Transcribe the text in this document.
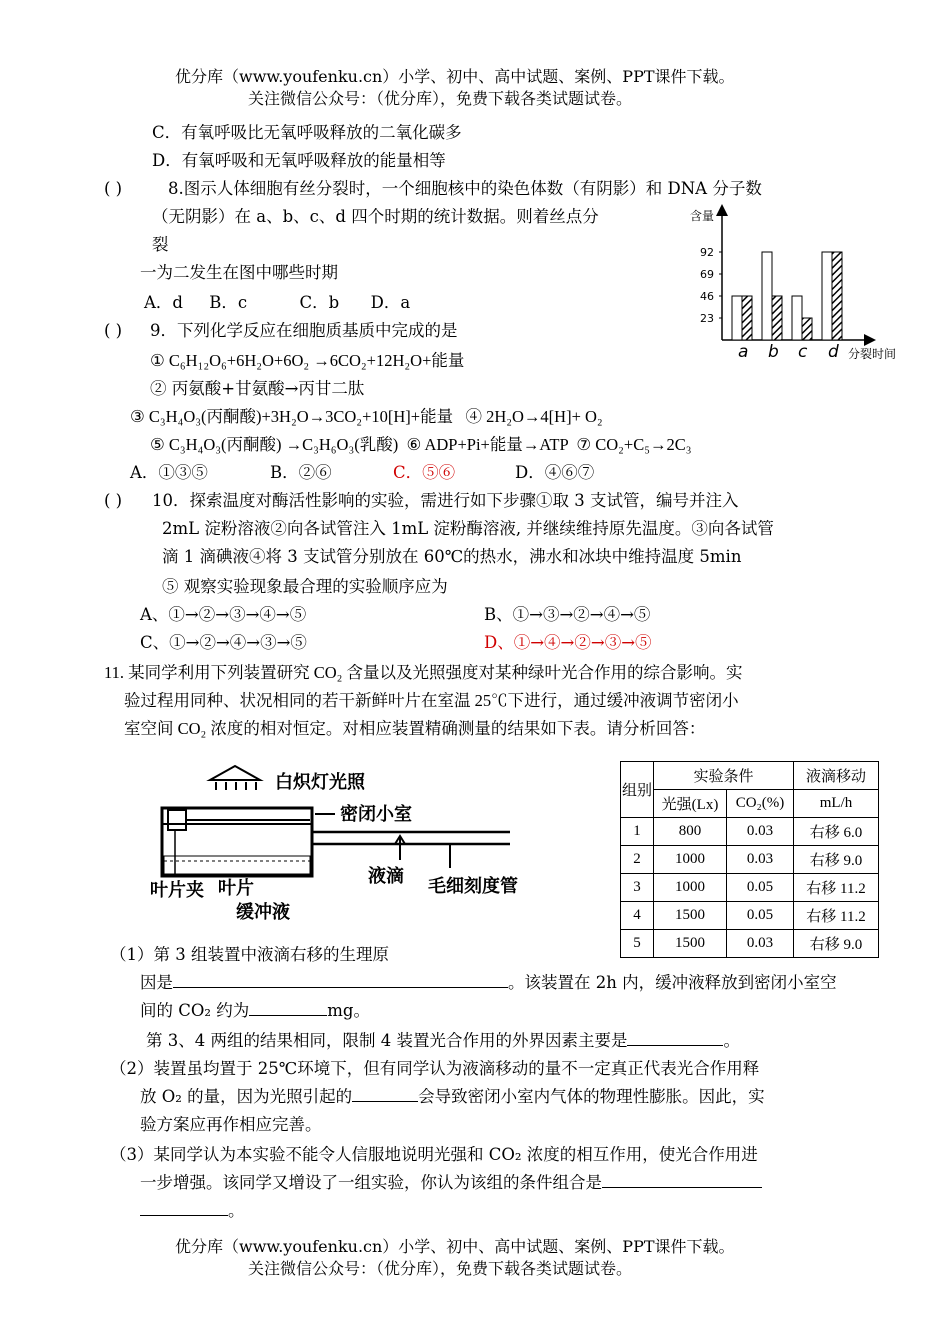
优分库（www.youfenku.cn）小学、初中、高中试题、案例、PPT课件下载。
关注微信公众号：（优分库），免费下载各类试题试卷。
C．有氧呼吸比无氧呼吸释放的二氧化碳多
D．有氧呼吸和无氧呼吸释放的能量相等
( )	8.图示人体细胞有丝分裂时，一个细胞核中的染色体数（有阴影）和 DNA 分子数
（无阴影）在 a、b、c、d 四个时期的统计数据。则着丝点分
裂
一为二发生在图中哪些时期
A．d     B．c          C．b      D．a
含量
分裂时间
23
46
69
92
a b c d
( ) 9．下列化学反应在细胞质基质中完成的是
① C₆H₁₂O₆+6H₂O+6O₂ →6CO₂+12H₂O+能量
② 丙氨酸+甘氨酸→丙甘二肽
③ C₃H₄O₃(丙酮酸)+3H₂O→3CO₂+10[H]+能量   ④ 2H₂O→4[H]+ O₂
⑤ C₃H₄O₃(丙酮酸) →C₃H₆O₃(乳酸)  ⑥ ADP+Pi+能量→ATP  ⑦ CO₂+C₅→2C₃
A．①③⑤	B．②⑥	C．⑤⑥	D．④⑥⑦
( ) 10．探索温度对酶活性影响的实验，需进行如下步骤①取 3 支试管，编号并注入
2mL 淀粉溶液②向各试管注入 1mL 淀粉酶溶液, 并继续维持原先温度。③向各试管
滴 1 滴碘液④将 3 支试管分别放在 60℃的热水，沸水和冰块中维持温度 5min
⑤ 观察实验现象最合理的实验顺序应为
A、①→②→③→④→⑤	B、①→③→②→④→⑤
C、①→②→④→③→⑤	D、①→④→②→③→⑤
11. 某同学利用下列装置研究 CO₂ 含量以及光照强度对某种绿叶光合作用的综合影响。实
验过程用同种、状况相同的若干新鲜叶片在室温 25℃下进行，通过缓冲液调节密闭小
室空间 CO₂ 浓度的相对恒定。对相应装置精确测量的结果如下表。请分析回答：
白炽灯光照
密闭小室
液滴 毛细刻度管
叶片夹 叶片
缓冲液
组别	实验条件		液滴移动
	光强(Lx)	CO₂(%)	mL/h
1	800	0.03	右移 6.0
2	1000	0.03	右移 9.0
3	1000	0.05	右移 11.2
4	1500	0.05	右移 11.2
5	1500	0.03	右移 9.0
（1）第 3 组装置中液滴右移的生理原
因是	。该装置在 2h 内，缓冲液释放到密闭小室空
间的 CO₂ 约为	mg。
第 3、4 两组的结果相同，限制 4 装置光合作用的外界因素主要是	。
（2）装置虽均置于 25℃环境下，但有同学认为液滴移动的量不一定真正代表光合作用释
放 O₂ 的量，因为光照引起的	会导致密闭小室内气体的物理性膨胀。因此，实
验方案应再作相应完善。
（3）某同学认为本实验不能令人信服地说明光强和 CO₂ 浓度的相互作用，使光合作用进
一步增强。该同学又增设了一组实验，你认为该组的条件组合是
。
优分库（www.youfenku.cn）小学、初中、高中试题、案例、PPT课件下载。
关注微信公众号：（优分库），免费下载各类试题试卷。
